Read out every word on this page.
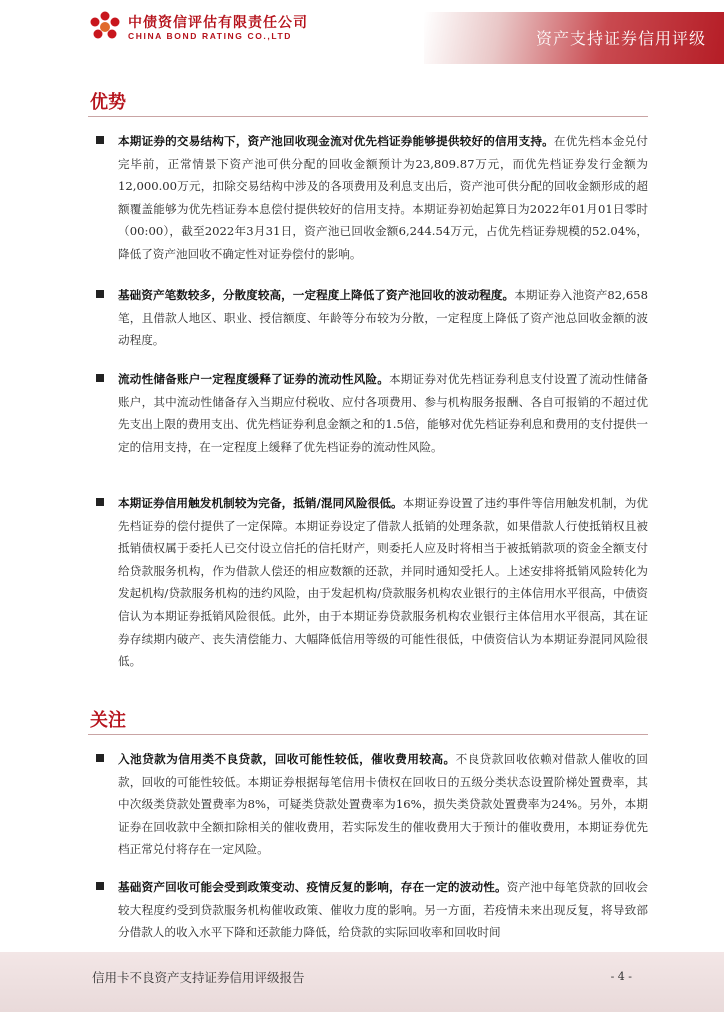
中债资信评估有限责任公司
CHINA BOND RATING CO.,LTD	资产支持证券信用评级
优势
本期证券的交易结构下，资产池回收现金流对优先档证券能够提供较好的信用支持。在优先档本金兑付完毕前，正常情景下资产池可供分配的回收金额预计为23,809.87万元，而优先档证券发行金额为12,000.00万元，扣除交易结构中涉及的各项费用及利息支出后，资产池可供分配的回收金额形成的超额覆盖能够为优先档证券本息偿付提供较好的信用支持。本期证券初始起算日为2022年01月01日零时（00:00），截至2022年3月31日，资产池已回收金额6,244.54万元，占优先档证券规模的52.04%，降低了资产池回收不确定性对证券偿付的影响。
基础资产笔数较多，分散度较高，一定程度上降低了资产池回收的波动程度。本期证券入池资产82,658笔，且借款人地区、职业、授信额度、年龄等分布较为分散，一定程度上降低了资产池总回收金额的波动程度。
流动性储备账户一定程度缓释了证券的流动性风险。本期证券对优先档证券利息支付设置了流动性储备账户，其中流动性储备存入当期应付税收、应付各项费用、参与机构服务报酬、各自可报销的不超过优先支出上限的费用支出、优先档证券利息金额之和的1.5倍，能够对优先档证券利息和费用的支付提供一定的信用支持，在一定程度上缓释了优先档证券的流动性风险。
本期证券信用触发机制较为完备，抵销/混同风险很低。本期证券设置了违约事件等信用触发机制，为优先档证券的偿付提供了一定保障。本期证券设定了借款人抵销的处理条款，如果借款人行使抵销权且被抵销债权属于委托人已交付设立信托的信托财产，则委托人应及时将相当于被抵销款项的资金全额支付给贷款服务机构，作为借款人偿还的相应数额的还款，并同时通知受托人。上述安排将抵销风险转化为发起机构/贷款服务机构的违约风险，由于发起机构/贷款服务机构农业银行的主体信用水平很高，中债资信认为本期证券抵销风险很低。此外，由于本期证券贷款服务机构农业银行主体信用水平很高，其在证券存续期内破产、丧失清偿能力、大幅降低信用等级的可能性很低，中债资信认为本期证券混同风险很低。
关注
入池贷款为信用类不良贷款，回收可能性较低，催收费用较高。不良贷款回收依赖对借款人催收的回款，回收的可能性较低。本期证券根据每笔信用卡债权在回收日的五级分类状态设置阶梯处置费率，其中次级类贷款处置费率为8%，可疑类贷款处置费率为16%，损失类贷款处置费率为24%。另外，本期证券在回收款中全额扣除相关的催收费用，若实际发生的催收费用大于预计的催收费用，本期证券优先档正常兑付将存在一定风险。
基础资产回收可能会受到政策变动、疫情反复的影响，存在一定的波动性。资产池中每笔贷款的回收会较大程度约受到贷款服务机构催收政策、催收力度的影响。另一方面，若疫情未来出现反复，将导致部分借款人的收入水平下降和还款能力降低，给贷款的实际回收率和回收时间
信用卡不良资产支持证券信用评级报告	- 4 -
